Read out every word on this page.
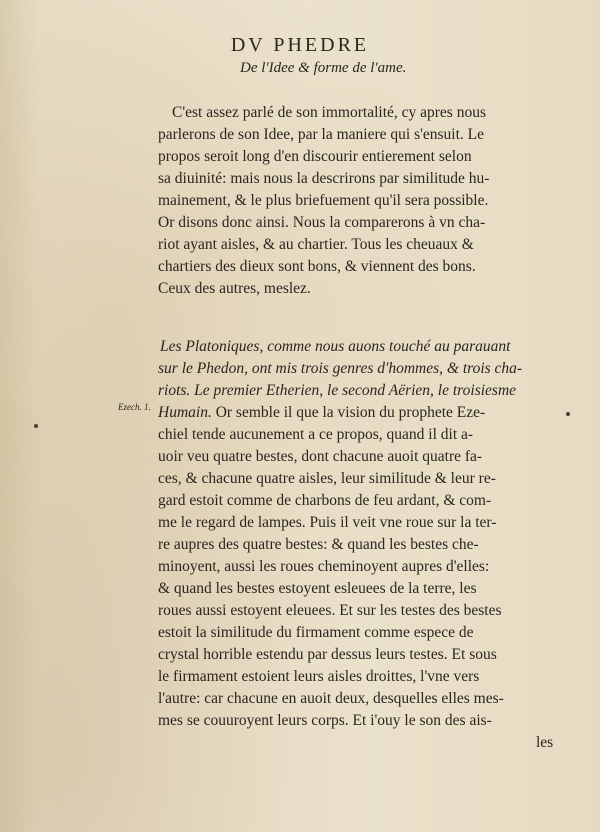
DV PHEDRE
De l'Idee & forme de l'ame.
C'est assez parlé de son immortalité, cy apres nous
parlerons de son Idee, par la maniere qui s'ensuit. Le
propos seroit long d'en discourir entierement selon
sa diuinité: mais nous la descrirons par similitude hu-
mainement, & le plus briefuement qu'il sera possible.
Or disons donc ainsi. Nous la comparerons à vn cha-
riot ayant aisles, & au chartier. Tous les cheuaux &
chartiers des dieux sont bons, & viennent des bons.
Ceux des autres, meslez.
Les Platoniques, comme nous auons touché au parauant
sur le Phedon, ont mis trois genres d'hommes, & trois cha-
riots. Le premier Etherien, le second Aërien, le troisiesme
Humain. Or semble il que la vision du prophete Eze-
chiel tende aucunement a ce propos, quand il dit a-
uoir veu quatre bestes, dont chacune auoit quatre fa-
ces, & chacune quatre aisles, leur similitude & leur re-
gard estoit comme de charbons de feu ardant, & com-
me le regard de lampes. Puis il veit vne roue sur la ter-
re aupres des quatre bestes: & quand les bestes che-
minoyent, aussi les roues cheminoyent aupres d'elles:
& quand les bestes estoyent esleuees de la terre, les
roues aussi estoyent eleuees. Et sur les testes des bestes
estoit la similitude du firmament comme espece de
crystal horrible estendu par dessus leurs testes. Et sous
le firmament estoient leurs aisles droittes, l'vne vers
l'autre: car chacune en auoit deux, desquelles elles mes-
mes se couuroyent leurs corps. Et i'ouy le son des ais-
les
Ezech. 1.
